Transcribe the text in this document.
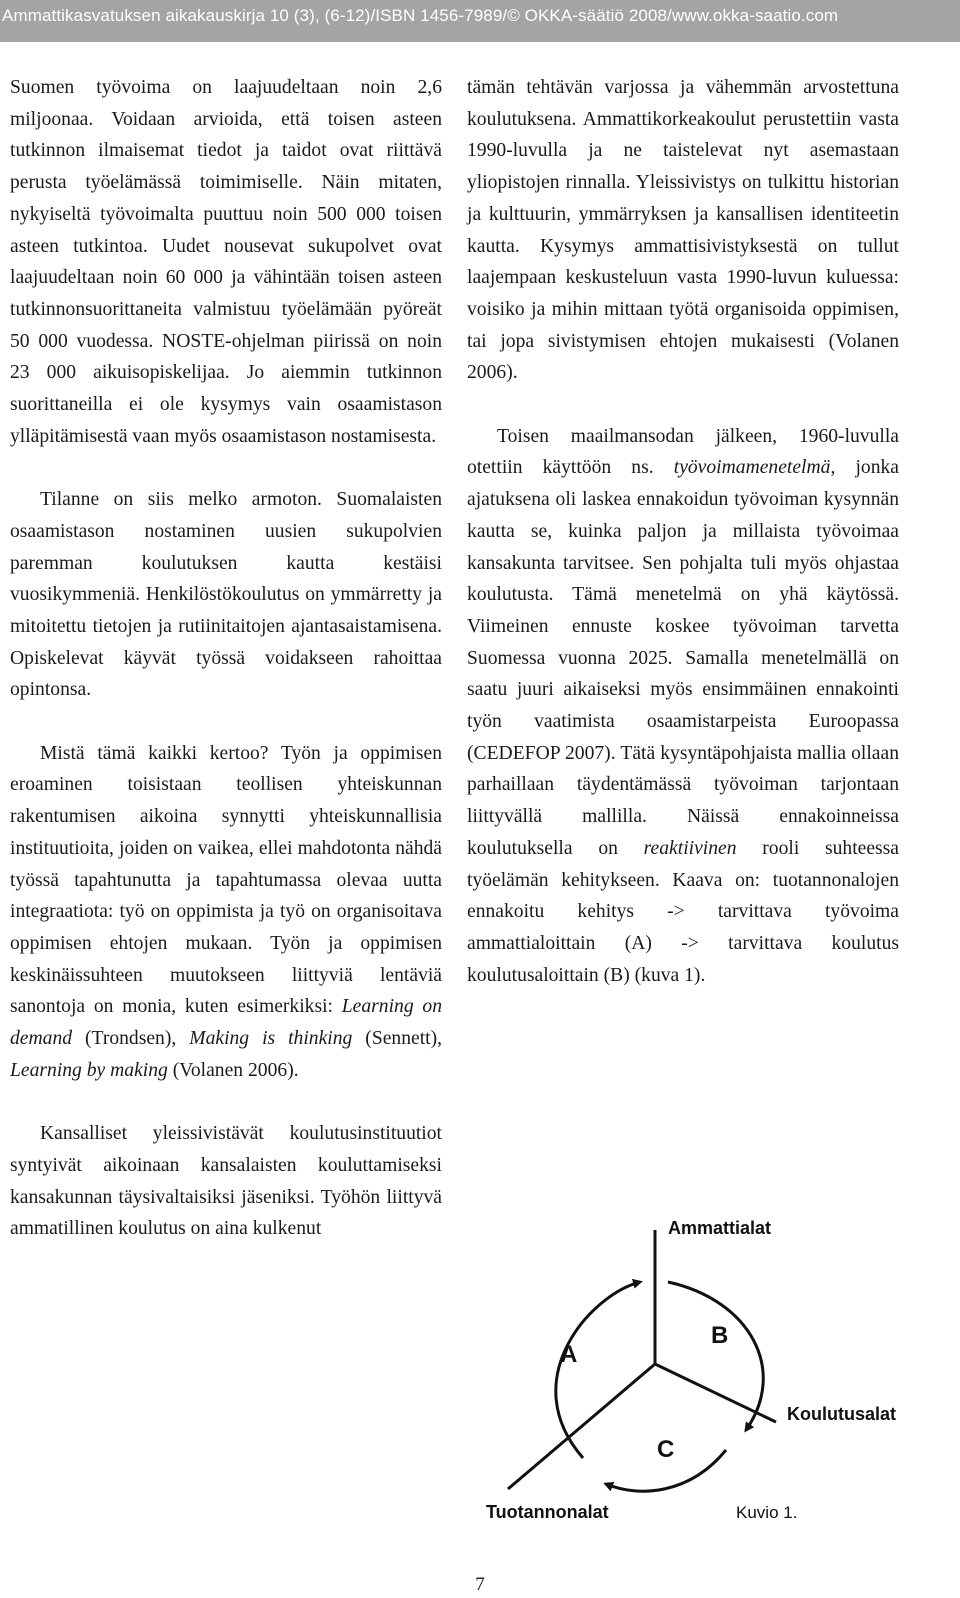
Ammattikasvatuksen aikakauskirja 10 (3), (6-12)/ISBN 1456-7989/© OKKA-säätiö 2008/www.okka-saatio.com

Suomen työvoima on laajuudeltaan noin 2,6 miljoonaa. Voidaan arvioida, että toisen asteen tutkinnon ilmaisemat tiedot ja taidot ovat riittävä perusta työelämässä toimimiselle. Näin mitaten, nykyiseltä työvoimalta puuttuu noin 500 000 toisen asteen tutkintoa. Uudet nousevat sukupolvet ovat laajuudeltaan noin 60 000 ja vähintään toisen asteen tutkinnonsuorittaneita valmistuu työelämään pyöreät 50 000 vuodessa. NOSTE-ohjelman piirissä on noin 23 000 aikuisopiskelijaa. Jo aiemmin tutkinnon suorittaneilla ei ole kysymys vain osaamistason ylläpitämisestä vaan myös osaamistason nostamisesta.

Tilanne on siis melko armoton. Suomalaisten osaamistason nostaminen uusien sukupolvien paremman koulutuksen kautta kestäisi vuosikymmeniä. Henkilöstökoulutus on ymmärretty ja mitoitettu tietojen ja rutiinitaitojen ajantasaistamisena. Opiskelevat käyvät työssä voidakseen rahoittaa opintonsa.

Mistä tämä kaikki kertoo? Työn ja oppimisen eroaminen toisistaan teollisen yhteiskunnan rakentumisen aikoina synnytti yhteiskunnallisia instituutioita, joiden on vaikea, ellei mahdotonta nähdä työssä tapahtunutta ja tapahtumassa olevaa uutta integraatiota: työ on oppimista ja työ on organisoitava oppimisen ehtojen mukaan. Työn ja oppimisen keskinäissuhteen muutokseen liittyviä lentäviä sanontoja on monia, kuten esimerkiksi: Learning on demand (Trondsen), Making is thinking (Sennett), Learning by making (Volanen 2006).

Kansalliset yleissivistävät koulutusinstituutiot syntyivät aikoinaan kansalaisten kouluttamiseksi kansakunnan täysivaltaisiksi jäseniksi. Työhön liittyvä ammatillinen koulutus on aina kulkenut

tämän tehtävän varjossa ja vähemmän arvostettuna koulutuksena. Ammattikorkeakoulut perustettiin vasta 1990-luvulla ja ne taistelevat nyt asemastaan yliopistojen rinnalla. Yleissivistys on tulkittu historian ja kulttuurin, ymmärryksen ja kansallisen identiteetin kautta. Kysymys ammattisivistyksestä on tullut laajempaan keskusteluun vasta 1990-luvun kuluessa: voisiko ja mihin mittaan työtä organisoida oppimisen, tai jopa sivistymisen ehtojen mukaisesti (Volanen 2006).

Toisen maailmansodan jälkeen, 1960-luvulla otettiin käyttöön ns. työvoimamenetelmä, jonka ajatuksena oli laskea ennakoidun työvoiman kysynnän kautta se, kuinka paljon ja millaista työvoimaa kansakunta tarvitsee. Sen pohjalta tuli myös ohjastaa koulutusta. Tämä menetelmä on yhä käytössä. Viimeinen ennuste koskee työvoiman tarvetta Suomessa vuonna 2025. Samalla menetelmällä on saatu juuri aikaiseksi myös ensimmäinen ennakointi työn vaatimista osaamistarpeista Euroopassa (CEDEFOP 2007). Tätä kysyntäpohjaista mallia ollaan parhaillaan täydentämässä työvoiman tarjontaan liittyvällä mallilla. Näissä ennakoinneissa koulutuksella on reaktiivinen rooli suhteessa työelämän kehitykseen. Kaava on: tuotannonalojen ennakoitu kehitys -> tarvittava työvoima ammattialoittain (A) -> tarvittava koulutus koulutusaloittain (B) (kuva 1).

Ammattialat
Koulutusalat
Tuotannonalat
A
B
C
Kuvio 1.
7
